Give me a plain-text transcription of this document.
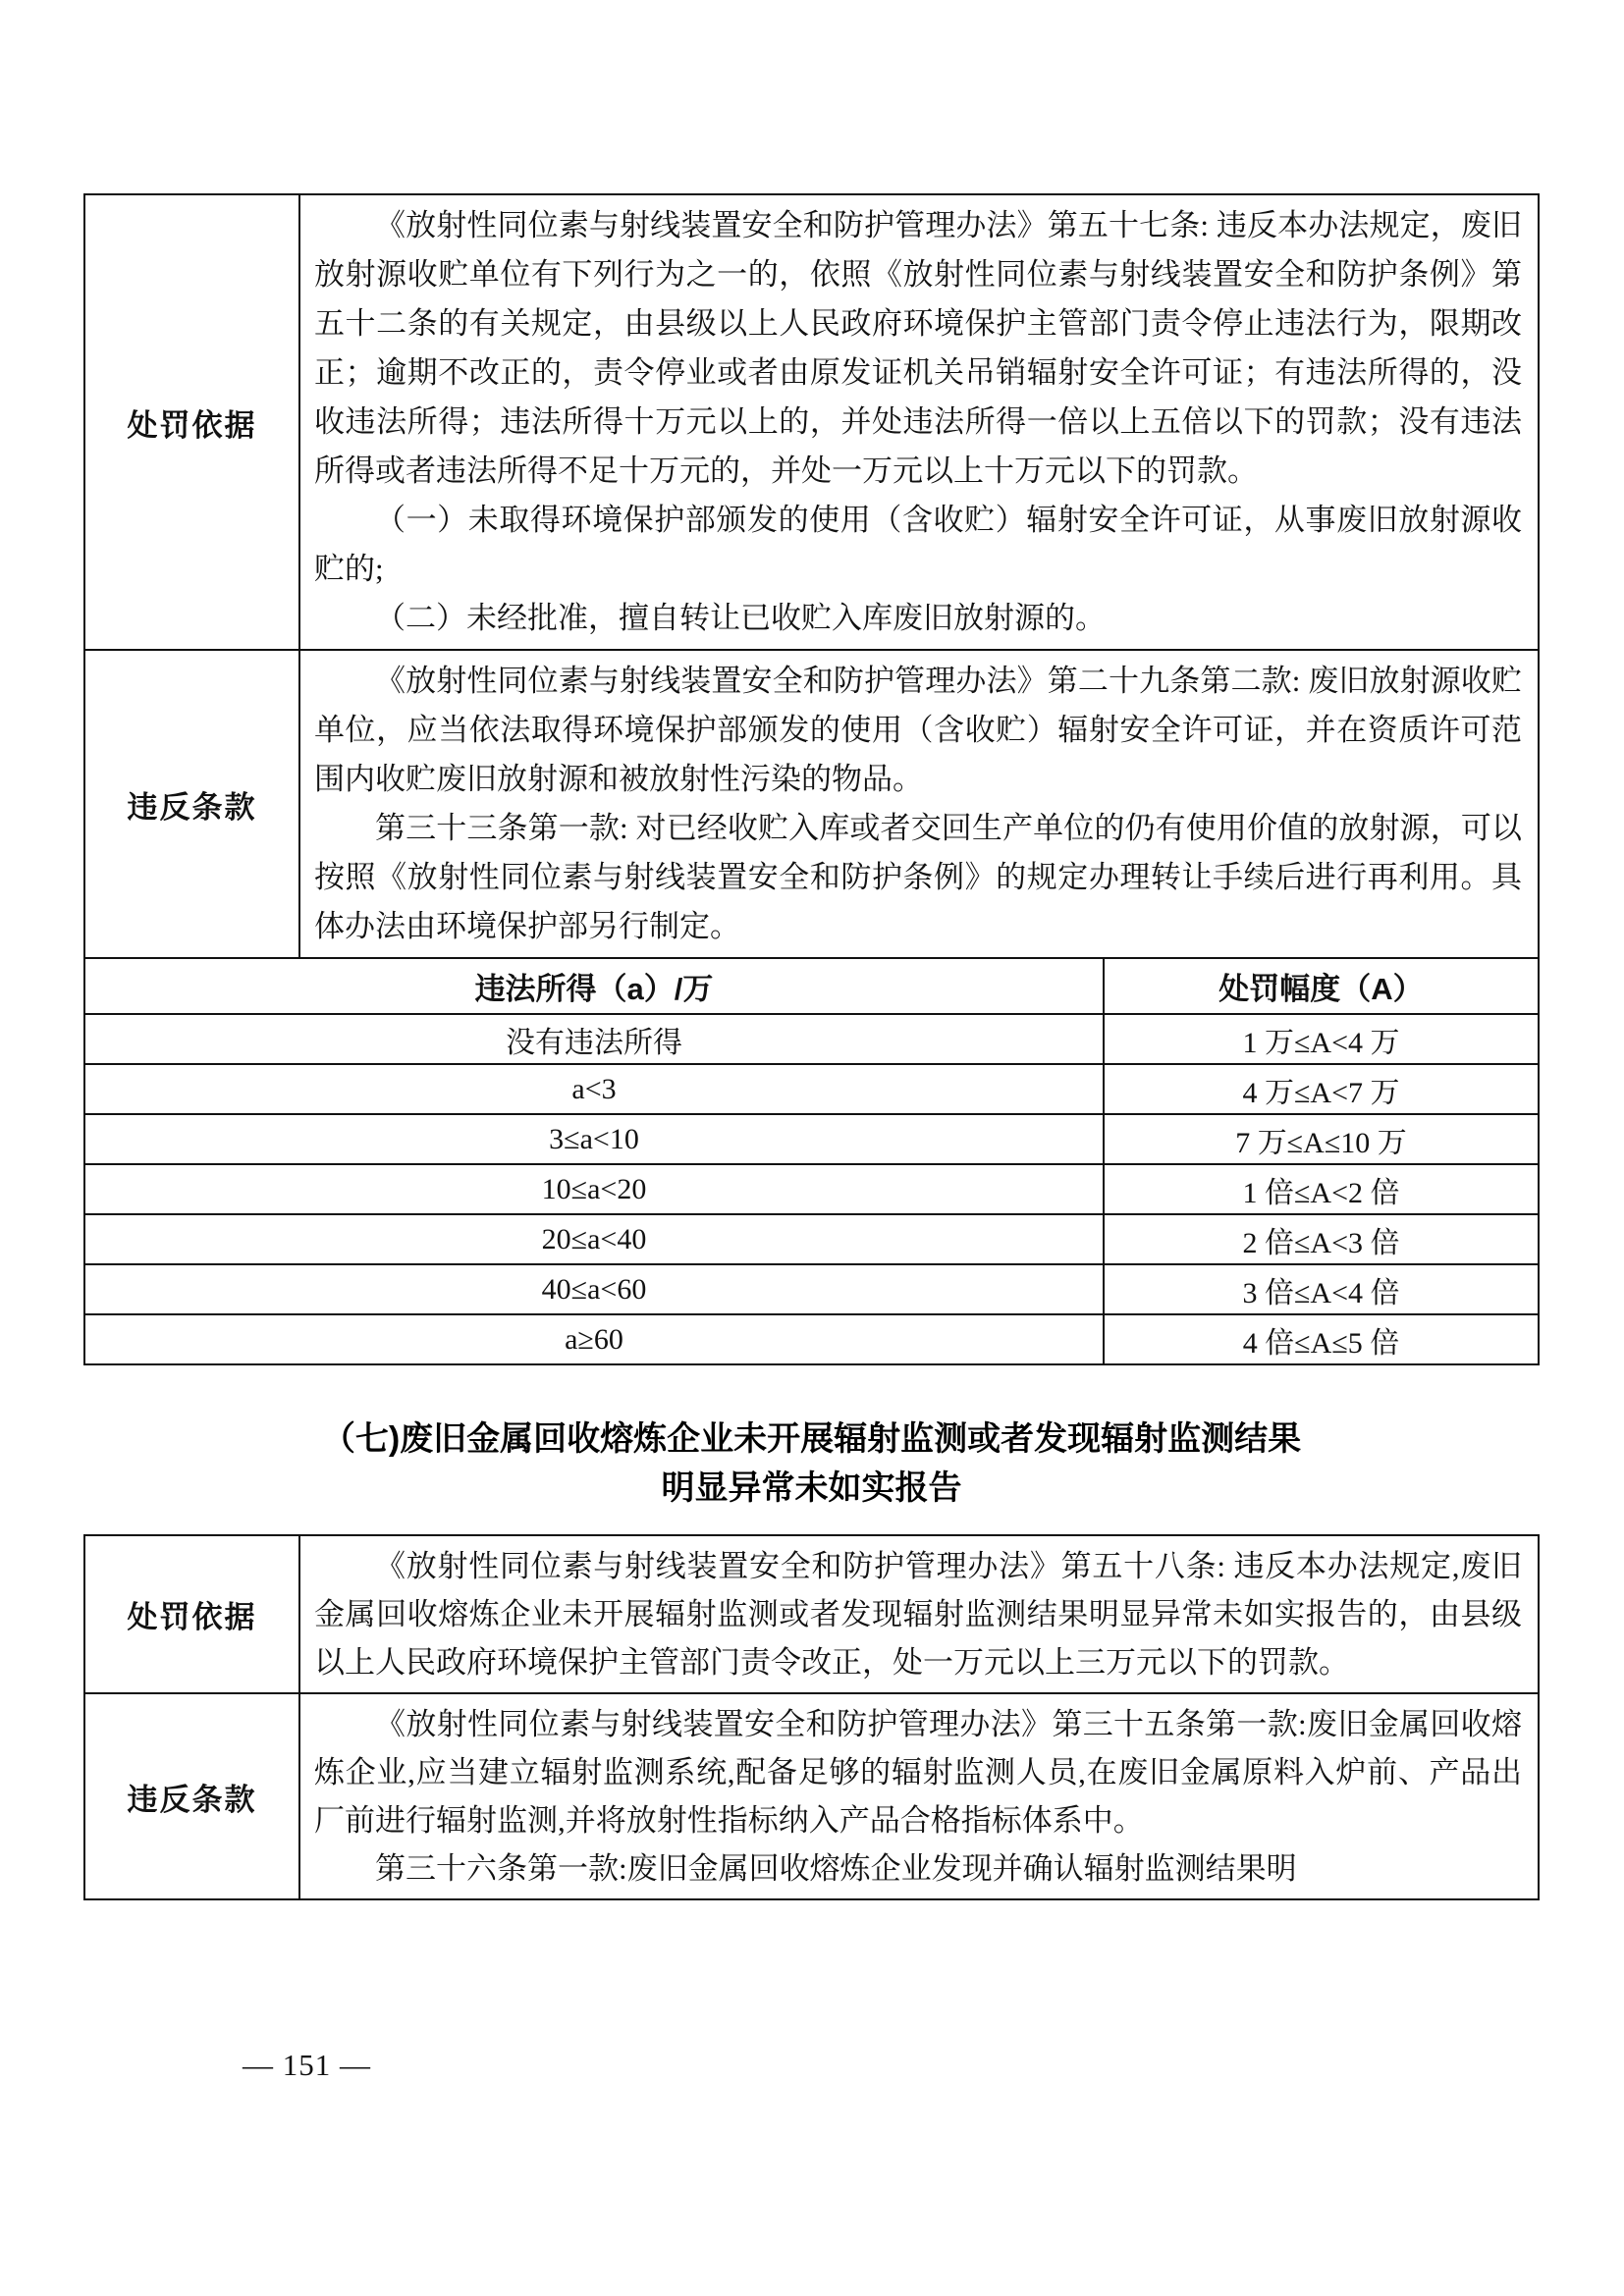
处罚依据	《放射性同位素与射线装置安全和防护管理办法》第五十七条: 违反本办法规定，废旧放射源收贮单位有下列行为之一的，依照《放射性同位素与射线装置安全和防护条例》第五十二条的有关规定，由县级以上人民政府环境保护主管部门责令停止违法行为，限期改正；逾期不改正的，责令停业或者由原发证机关吊销辐射安全许可证；有违法所得的，没收违法所得；违法所得十万元以上的，并处违法所得一倍以上五倍以下的罚款；没有违法所得或者违法所得不足十万元的，并处一万元以上十万元以下的罚款。

（一）未取得环境保护部颁发的使用（含收贮）辐射安全许可证，从事废旧放射源收贮的;

（二）未经批准，擅自转让已收贮入库废旧放射源的。

违反条款	《放射性同位素与射线装置安全和防护管理办法》第二十九条第二款: 废旧放射源收贮单位，应当依法取得环境保护部颁发的使用（含收贮）辐射安全许可证，并在资质许可范围内收贮废旧放射源和被放射性污染的物品。

第三十三条第一款: 对已经收贮入库或者交回生产单位的仍有使用价值的放射源，可以按照《放射性同位素与射线装置安全和防护条例》的规定办理转让手续后进行再利用。具体办法由环境保护部另行制定。

违法所得（a）/万	处罚幅度（A）
没有违法所得	1 万≤A<4 万
a<3	4 万≤A<7 万
3≤a<10	7 万≤A≤10 万
10≤a<20	1 倍≤A<2 倍
20≤a<40	2 倍≤A<3 倍
40≤a<60	3 倍≤A<4 倍
a≥60	4 倍≤A≤5 倍
（七)废旧金属回收熔炼企业未开展辐射监测或者发现辐射监测结果
明显异常未如实报告
处罚依据	《放射性同位素与射线装置安全和防护管理办法》第五十八条: 违反本办法规定,废旧金属回收熔炼企业未开展辐射监测或者发现辐射监测结果明显异常未如实报告的，由县级以上人民政府环境保护主管部门责令改正，处一万元以上三万元以下的罚款。

违反条款	《放射性同位素与射线装置安全和防护管理办法》第三十五条第一款:废旧金属回收熔炼企业,应当建立辐射监测系统,配备足够的辐射监测人员,在废旧金属原料入炉前、产品出厂前进行辐射监测,并将放射性指标纳入产品合格指标体系中。

第三十六条第一款:废旧金属回收熔炼企业发现并确认辐射监测结果明

— 151 —
